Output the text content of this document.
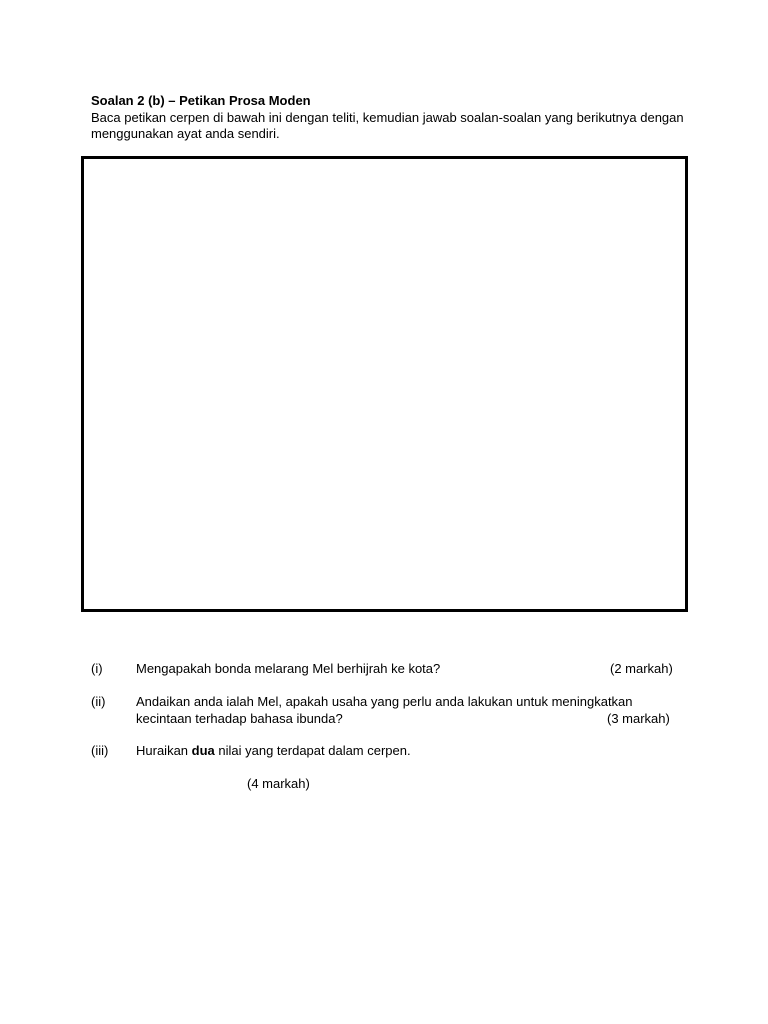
Soalan 2 (b) – Petikan Prosa Moden
Baca petikan cerpen di bawah ini dengan teliti, kemudian jawab soalan-soalan yang berikutnya dengan menggunakan ayat anda sendiri.
(i)	Mengapakah bonda melarang Mel berhijrah ke kota?	(2 markah)
(ii) Andaikan anda ialah Mel, apakah usaha yang perlu anda lakukan untuk meningkatkan kecintaan terhadap bahasa ibunda?	(3 markah)
(iii) Huraikan dua nilai yang terdapat dalam cerpen.
(4 markah)
